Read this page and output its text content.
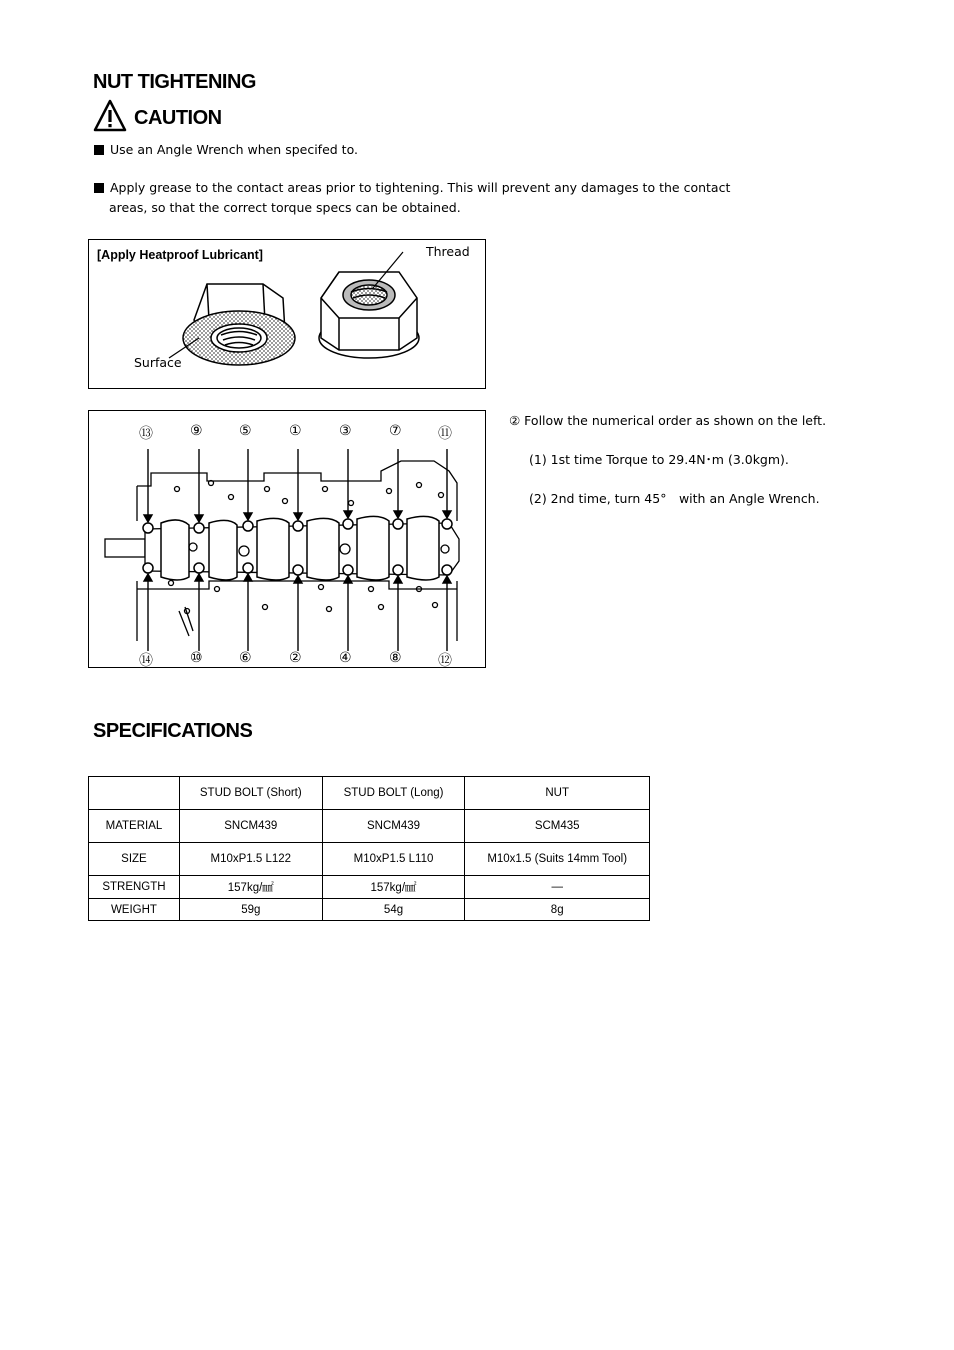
NUT TIGHTENING
CAUTION
Use an Angle Wrench when specifed to.
Apply grease to the contact areas prior to tightening. This will prevent any damages to the contact
areas, so that the correct torque specs can be obtained.
[Apply Heatproof Lubricant]	Thread
Surface
⑬	⑨	⑤	①	③	⑦	⑪
⑭	⑩	⑥	②	④	⑧	⑫
② Follow the numerical order as shown on the left.
(1) 1st time Torque to 29.4N･m (3.0kgm).
(2) 2nd time, turn 45°　with an Angle Wrench.
SPECIFICATIONS
	STUD BOLT (Short)	STUD BOLT (Long)	NUT
MATERIAL	SNCM439	SNCM439	SCM435
SIZE	M10xP1.5 L122	M10xP1.5 L110	M10x1.5 (Suits 14mm Tool)
STRENGTH	157kg/㎟	157kg/㎟	—
WEIGHT	59g	54g	8g
